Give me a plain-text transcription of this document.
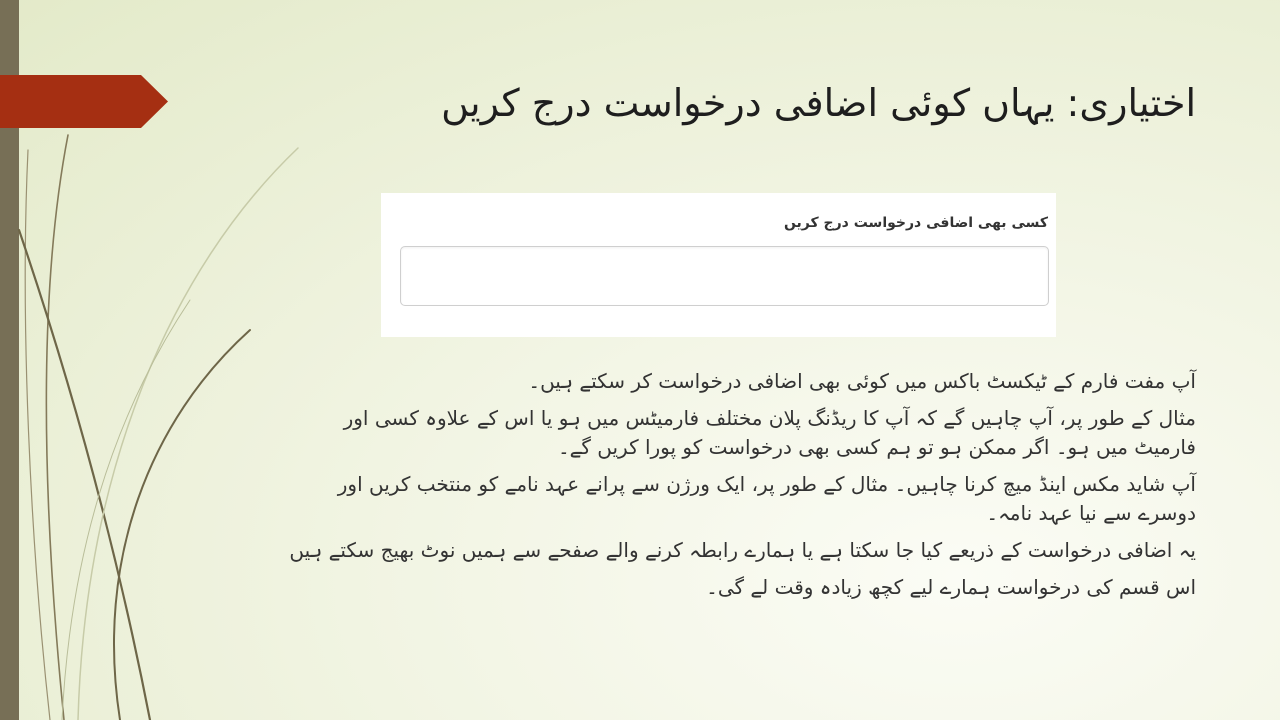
اختیاری: یہاں کوئی اضافی درخواست درج کریں
کسی بھی اضافی درخواست درج کریں

آپ مفت فارم کے ٹیکسٹ باکس میں کوئی بھی اضافی درخواست کر سکتے ہیں۔

مثال کے طور پر، آپ چاہیں گے کہ آپ کا ریڈنگ پلان مختلف فارمیٹس میں ہو یا اس کے علاوہ کسی اور فارمیٹ میں ہو۔ اگر ممکن ہو تو ہم کسی بھی درخواست کو پورا کریں گے۔

آپ شاید مکس اینڈ میچ کرنا چاہیں۔ مثال کے طور پر، ایک ورژن سے پرانے عہد نامے کو منتخب کریں اور دوسرے سے نیا عہد نامہ۔

یہ اضافی درخواست کے ذریعے کیا جا سکتا ہے یا ہمارے رابطہ کرنے والے صفحے سے ہمیں نوٹ بھیج سکتے ہیں

اس قسم کی درخواست ہمارے لیے کچھ زیادہ وقت لے گی۔
